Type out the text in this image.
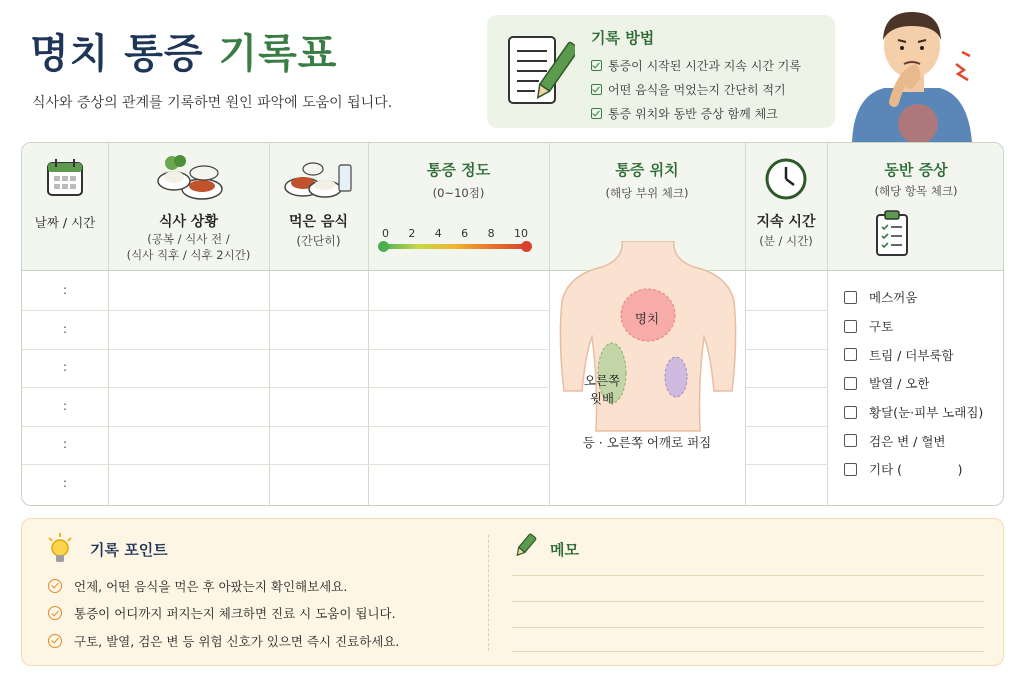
명치 통증 기록표
식사와 증상의 관계를 기록하면 원인 파악에 도움이 됩니다.
기록 방법
통증이 시작된 시간과 지속 시간 기록
어떤 음식을 먹었는지 간단히 적기
통증 위치와 동반 증상 함께 체크
날짜 / 시간	식사 상황
(공복 / 식사 전 /
(식사 직후 / 식후 2시간)
먹은 음식
(간단히)
통증 정도
(0~10점)
0 2 4 6 8 10
통증 위치
(해당 부위 체크)
지속 시간
(분 / 시간)
동반 증상
(해당 항목 체크)
:
:
:
:
:
:
명치
오른쪽
윗배
등 · 오른쪽 어깨로 퍼짐
메스꺼움
구토
트림 / 더부룩함
발열 / 오한
황달(눈·피부 노래짐)
검은 변 / 혈변
기타 (              )
기록 포인트
언제, 어떤 음식을 먹은 후 아팠는지 확인해보세요.
통증이 어디까지 퍼지는지 체크하면 진료 시 도움이 됩니다.
구토, 발열, 검은 변 등 위험 신호가 있으면 즉시 진료하세요.
메모
